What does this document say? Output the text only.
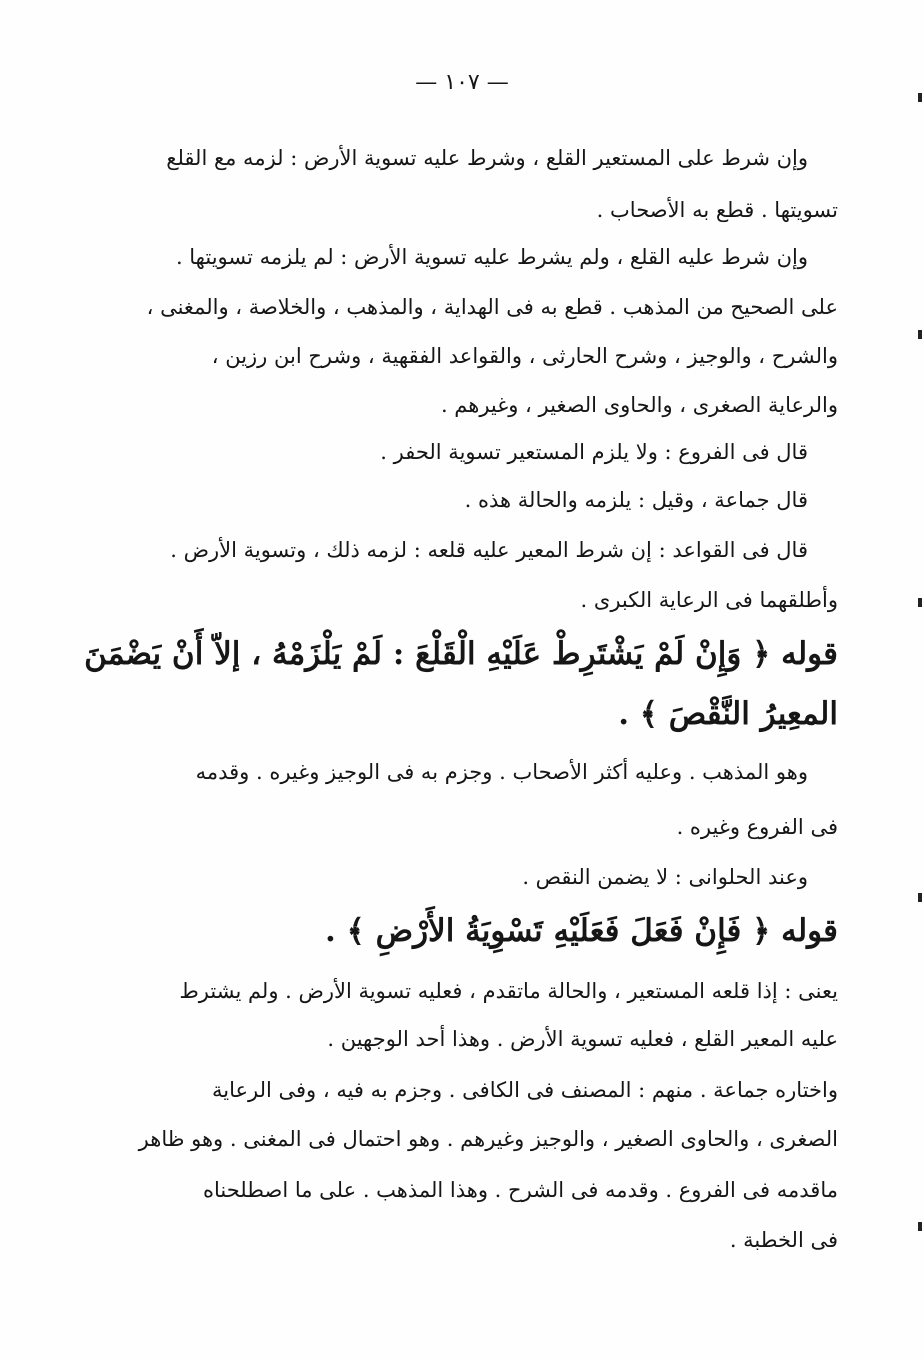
— ١٠٧ —
وإن شرط على المستعير القلع ، وشرط عليه تسوية الأرض : لزمه مع القلع
تسويتها . قطع به الأصحاب .
وإن شرط عليه القلع ، ولم يشرط عليه تسوية الأرض : لم يلزمه تسويتها .
على الصحيح من المذهب . قطع به فى الهداية ، والمذهب ، والخلاصة ، والمغنى ،
والشرح ، والوجيز ، وشرح الحارثى ، والقواعد الفقهية ، وشرح ابن رزين ،
والرعاية الصغرى ، والحاوى الصغير ، وغيرهم .
قال فى الفروع : ولا يلزم المستعير تسوية الحفر .
قال جماعة ، وقيل : يلزمه والحالة هذه .
قال فى القواعد : إن شرط المعير عليه قلعه : لزمه ذلك ، وتسوية الأرض .
وأطلقهما فى الرعاية الكبرى .
قوله ﴿ وَإِنْ لَمْ يَشْتَرِطْ عَلَيْهِ الْقَلْعَ : لَمْ يَلْزَمْهُ ، إلاّ أَنْ يَضْمَنَ
المعِيرُ النَّقْصَ ﴾ .
وهو المذهب . وعليه أكثر الأصحاب . وجزم به فى الوجيز وغيره . وقدمه
فى الفروع وغيره .
وعند الحلوانى : لا يضمن النقص .
قوله ﴿ فَإِنْ فَعَلَ فَعَلَيْهِ تَسْوِيَةُ الأَرْضِ ﴾ .
يعنى : إذا قلعه المستعير ، والحالة ماتقدم ، فعليه تسوية الأرض . ولم يشترط
عليه المعير القلع ، فعليه تسوية الأرض . وهذا أحد الوجهين .
واختاره جماعة . منهم : المصنف فى الكافى . وجزم به فيه ، وفى الرعاية
الصغرى ، والحاوى الصغير ، والوجيز وغيرهم . وهو احتمال فى المغنى . وهو ظاهر
ماقدمه فى الفروع . وقدمه فى الشرح . وهذا المذهب . على ما اصطلحناه
فى الخطبة .
